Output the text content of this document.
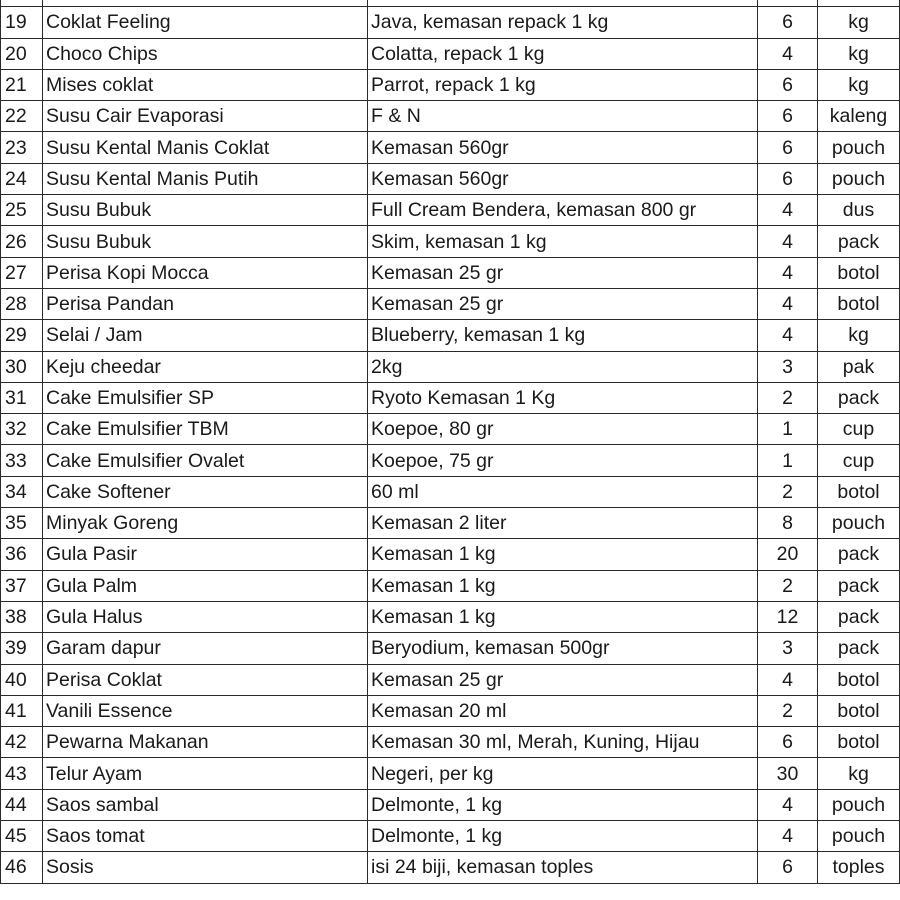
19	Coklat Feeling	Java, kemasan repack 1 kg	6	kg
20	Choco Chips	Colatta, repack 1 kg	4	kg
21	Mises coklat	Parrot, repack 1 kg	6	kg
22	Susu Cair Evaporasi	F & N	6	kaleng
23	Susu Kental Manis Coklat	Kemasan 560gr	6	pouch
24	Susu Kental Manis Putih	Kemasan 560gr	6	pouch
25	Susu Bubuk	Full Cream Bendera, kemasan 800 gr	4	dus
26	Susu Bubuk	Skim, kemasan 1 kg	4	pack
27	Perisa Kopi Mocca	Kemasan 25 gr	4	botol
28	Perisa Pandan	Kemasan 25 gr	4	botol
29	Selai / Jam	Blueberry, kemasan 1 kg	4	kg
30	Keju cheedar	2kg	3	pak
31	Cake Emulsifier SP	Ryoto Kemasan 1 Kg	2	pack
32	Cake Emulsifier TBM	Koepoe, 80 gr	1	cup
33	Cake Emulsifier Ovalet	Koepoe, 75 gr	1	cup
34	Cake Softener	60 ml	2	botol
35	Minyak Goreng	Kemasan 2 liter	8	pouch
36	Gula Pasir	Kemasan 1 kg	20	pack
37	Gula Palm	Kemasan 1 kg	2	pack
38	Gula Halus	Kemasan 1 kg	12	pack
39	Garam dapur	Beryodium, kemasan 500gr	3	pack
40	Perisa Coklat	Kemasan 25 gr	4	botol
41	Vanili Essence	Kemasan 20 ml	2	botol
42	Pewarna Makanan	Kemasan 30 ml, Merah, Kuning, Hijau	6	botol
43	Telur Ayam	Negeri, per kg	30	kg
44	Saos sambal	Delmonte, 1 kg	4	pouch
45	Saos tomat	Delmonte, 1 kg	4	pouch
46	Sosis	isi 24 biji, kemasan toples	6	toples
